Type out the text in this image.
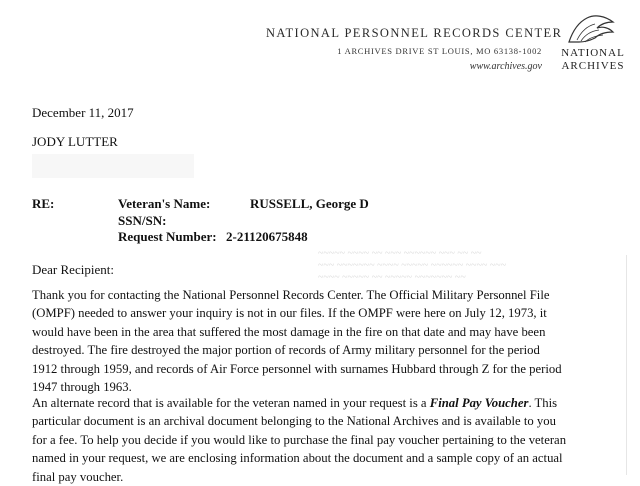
NATIONAL PERSONNEL RECORDS CENTER
1 ARCHIVES DRIVE ST LOUIS, MO 63138-1002
www.archives.gov
NATIONAL
ARCHIVES
December 11, 2017
JODY LUTTER
RE:	Veteran's Name:	RUSSELL, George D
SSN/SN:
Request Number: 2-21120675848
~~~~~ ~~~~ ~~ ~~~ ~~~~~~ ~~~ ~~ ~~
~~~ ~~~~~~~ ~~~~ ~~~~~ ~~~~~~ ~~~~ ~~~
~~~~ ~~~~~ ~~ ~~~~~ ~~~~~~~ ~~
Dear Recipient:
Thank you for contacting the National Personnel Records Center. The Official Military Personnel File
(OMPF) needed to answer your inquiry is not in our files. If the OMPF were here on July 12, 1973, it
would have been in the area that suffered the most damage in the fire on that date and may have been
destroyed. The fire destroyed the major portion of records of Army military personnel for the period
1912 through 1959, and records of Air Force personnel with surnames Hubbard through Z for the period
1947 through 1963.
An alternate record that is available for the veteran named in your request is a Final Pay Voucher. This
particular document is an archival document belonging to the National Archives and is available to you
for a fee. To help you decide if you would like to purchase the final pay voucher pertaining to the veteran
named in your request, we are enclosing information about the document and a sample copy of an actual
final pay voucher.
